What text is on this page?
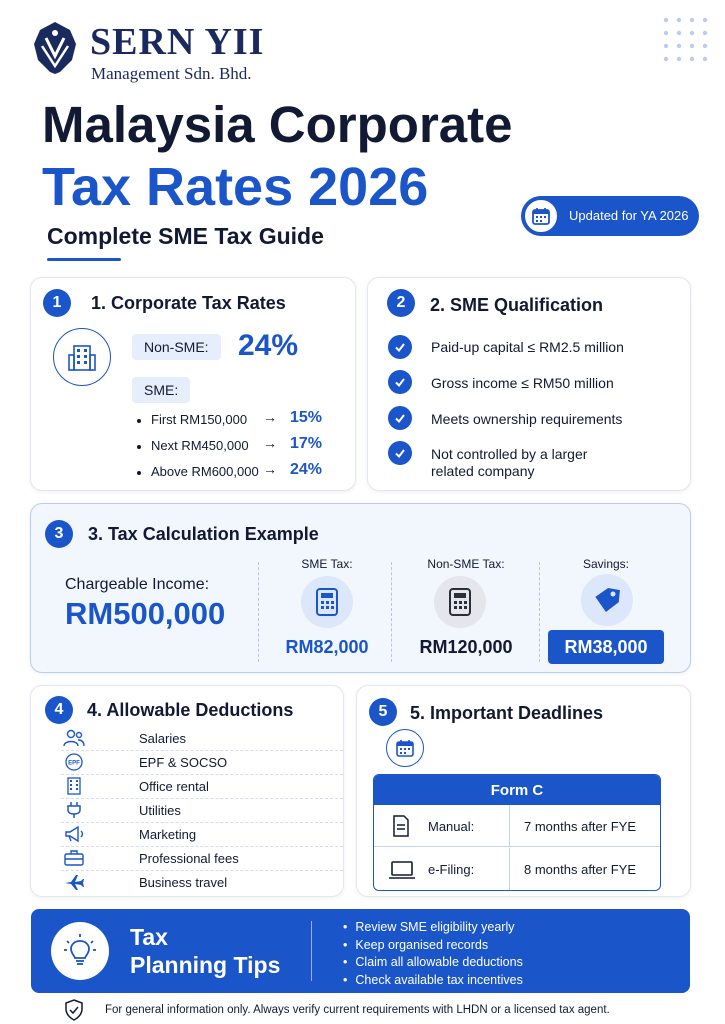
SERN YII
Management Sdn. Bhd.
Malaysia Corporate
Tax Rates 2026
Complete SME Tax Guide
Updated for YA 2026
1	1. Corporate Tax Rates
Non-SME: 24%
SME:
First RM150,000 → 15%
Next RM450,000 → 17%
Above RM600,000 → 24%
2	2. SME Qualification
Paid-up capital ≤ RM2.5 million
Gross income ≤ RM50 million
Meets ownership requirements
Not controlled by a larger
related company
3	3. Tax Calculation Example
Chargeable Income:
RM500,000
SME Tax:
RM82,000
Non-SME Tax:
RM120,000
Savings:
RM38,000
4	4. Allowable Deductions
Salaries
EPF	EPF & SOCSO
Office rental
Utilities
Marketing
Professional fees
Business travel
5	5. Important Deadlines
Form C
Manual:	7 months after FYE
e-Filing:	8 months after FYE
Tax
Planning Tips
• Review SME eligibility yearly
• Keep organised records
• Claim all allowable deductions
• Check available tax incentives
For general information only. Always verify current requirements with LHDN or a licensed tax agent.
